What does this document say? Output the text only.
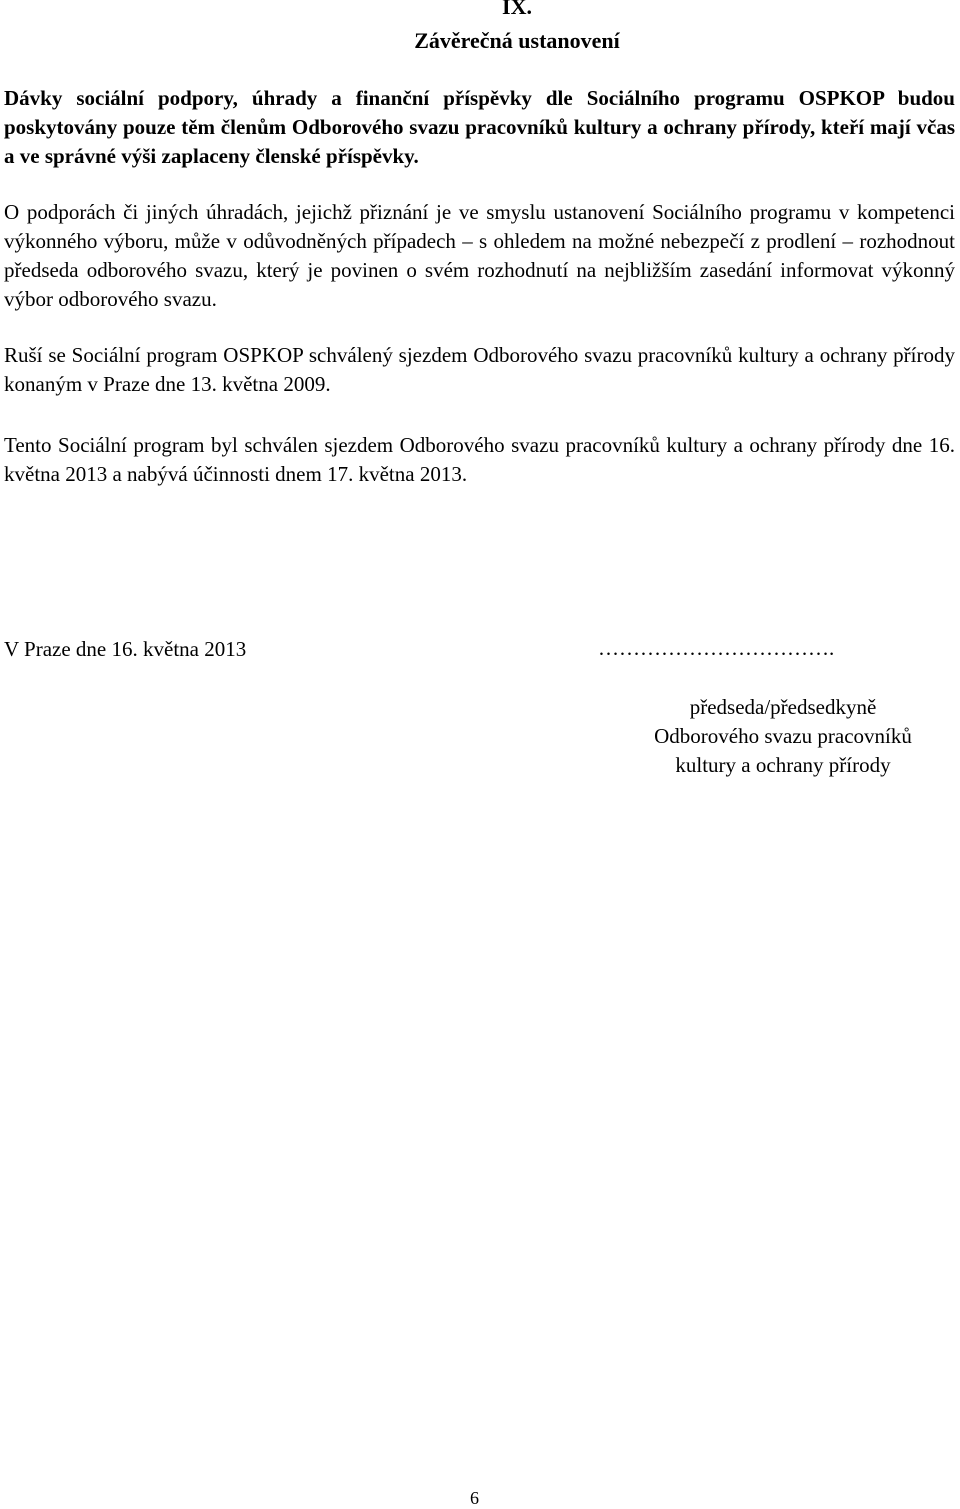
IX.
Závěrečná ustanovení

Dávky sociální podpory, úhrady a finanční příspěvky dle Sociálního programu OSPKOP budou poskytovány pouze těm členům Odborového svazu pracovníků kultury a ochrany přírody, kteří mají včas a ve správné výši zaplaceny členské příspěvky.

O podporách či jiných úhradách, jejichž přiznání je ve smyslu ustanovení Sociálního programu v kompetenci výkonného výboru, může v odůvodněných případech – s ohledem na možné nebezpečí z prodlení – rozhodnout předseda odborového svazu, který je povinen o svém rozhodnutí na nejbližším zasedání informovat výkonný výbor odborového svazu.

Ruší se Sociální program OSPKOP schválený sjezdem Odborového svazu pracovníků kultury a ochrany přírody konaným v Praze dne 13. května 2009.

Tento Sociální program byl schválen sjezdem Odborového svazu pracovníků kultury a ochrany přírody dne 16. května 2013 a nabývá účinnosti dnem 17. května 2013.

V Praze dne 16. května 2013	…………………………….
předseda/předsedkyně
Odborového svazu pracovníků
kultury a ochrany přírody
6
